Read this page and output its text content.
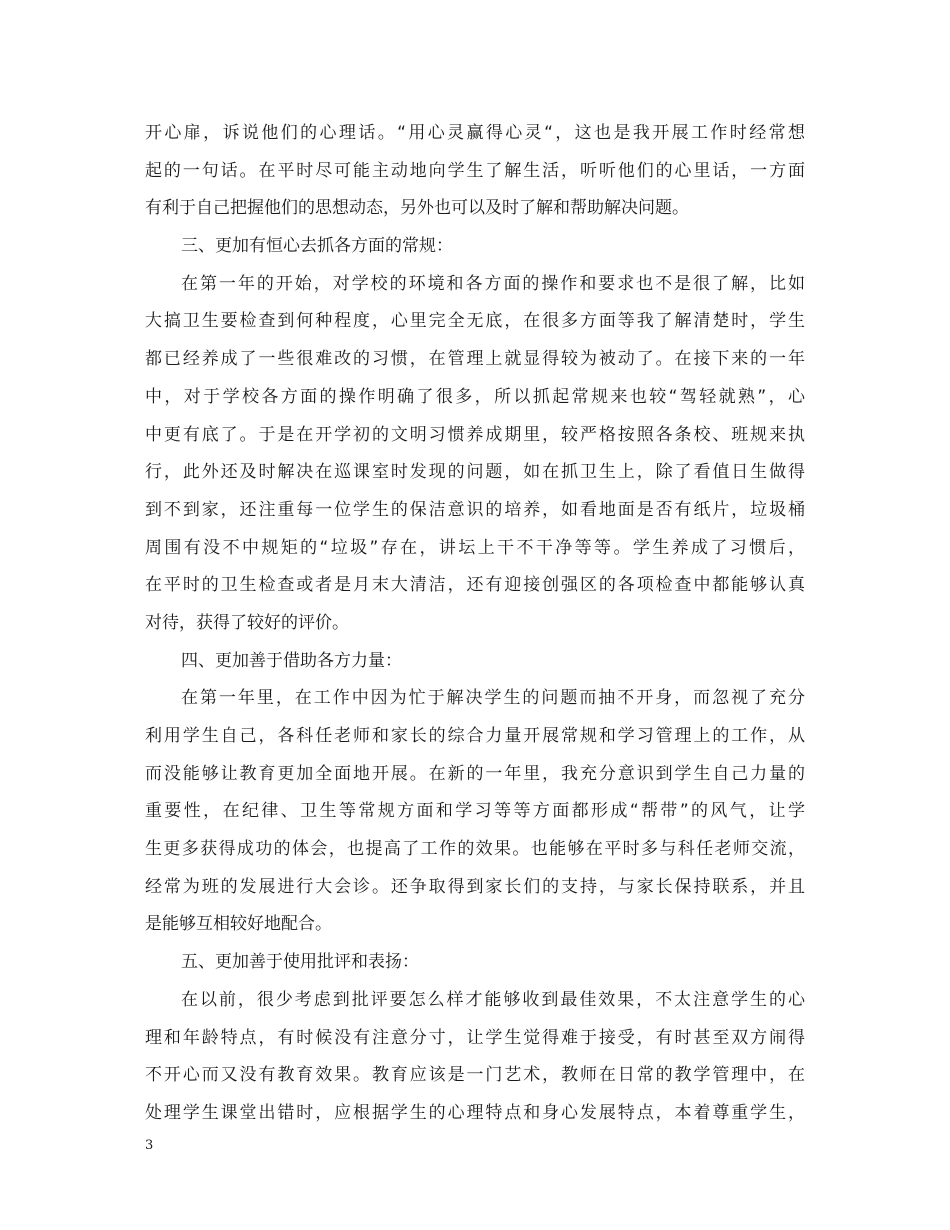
开心扉，诉说他们的心理话。“用心灵赢得心灵“，这也是我开展工作时经常想
起的一句话。在平时尽可能主动地向学生了解生活，听听他们的心里话，一方面
有利于自己把握他们的思想动态，另外也可以及时了解和帮助解决问题。
三、更加有恒心去抓各方面的常规：
在第一年的开始，对学校的环境和各方面的操作和要求也不是很了解，比如
大搞卫生要检查到何种程度，心里完全无底，在很多方面等我了解清楚时，学生
都已经养成了一些很难改的习惯，在管理上就显得较为被动了。在接下来的一年
中，对于学校各方面的操作明确了很多，所以抓起常规来也较“驾轻就熟”，心
中更有底了。于是在开学初的文明习惯养成期里，较严格按照各条校、班规来执
行，此外还及时解决在巡课室时发现的问题，如在抓卫生上，除了看值日生做得
到不到家，还注重每一位学生的保洁意识的培养，如看地面是否有纸片，垃圾桶
周围有没不中规矩的“垃圾”存在，讲坛上干不干净等等。学生养成了习惯后，
在平时的卫生检查或者是月末大清洁，还有迎接创强区的各项检查中都能够认真
对待，获得了较好的评价。
四、更加善于借助各方力量：
在第一年里，在工作中因为忙于解决学生的问题而抽不开身，而忽视了充分
利用学生自己，各科任老师和家长的综合力量开展常规和学习管理上的工作，从
而没能够让教育更加全面地开展。在新的一年里，我充分意识到学生自己力量的
重要性，在纪律、卫生等常规方面和学习等等方面都形成“帮带”的风气，让学
生更多获得成功的体会，也提高了工作的效果。也能够在平时多与科任老师交流，
经常为班的发展进行大会诊。还争取得到家长们的支持，与家长保持联系，并且
是能够互相较好地配合。
五、更加善于使用批评和表扬：
在以前，很少考虑到批评要怎么样才能够收到最佳效果，不太注意学生的心
理和年龄特点，有时候没有注意分寸，让学生觉得难于接受，有时甚至双方闹得
不开心而又没有教育效果。教育应该是一门艺术，教师在日常的教学管理中，在
处理学生课堂出错时，应根据学生的心理特点和身心发展特点，本着尊重学生，
3
